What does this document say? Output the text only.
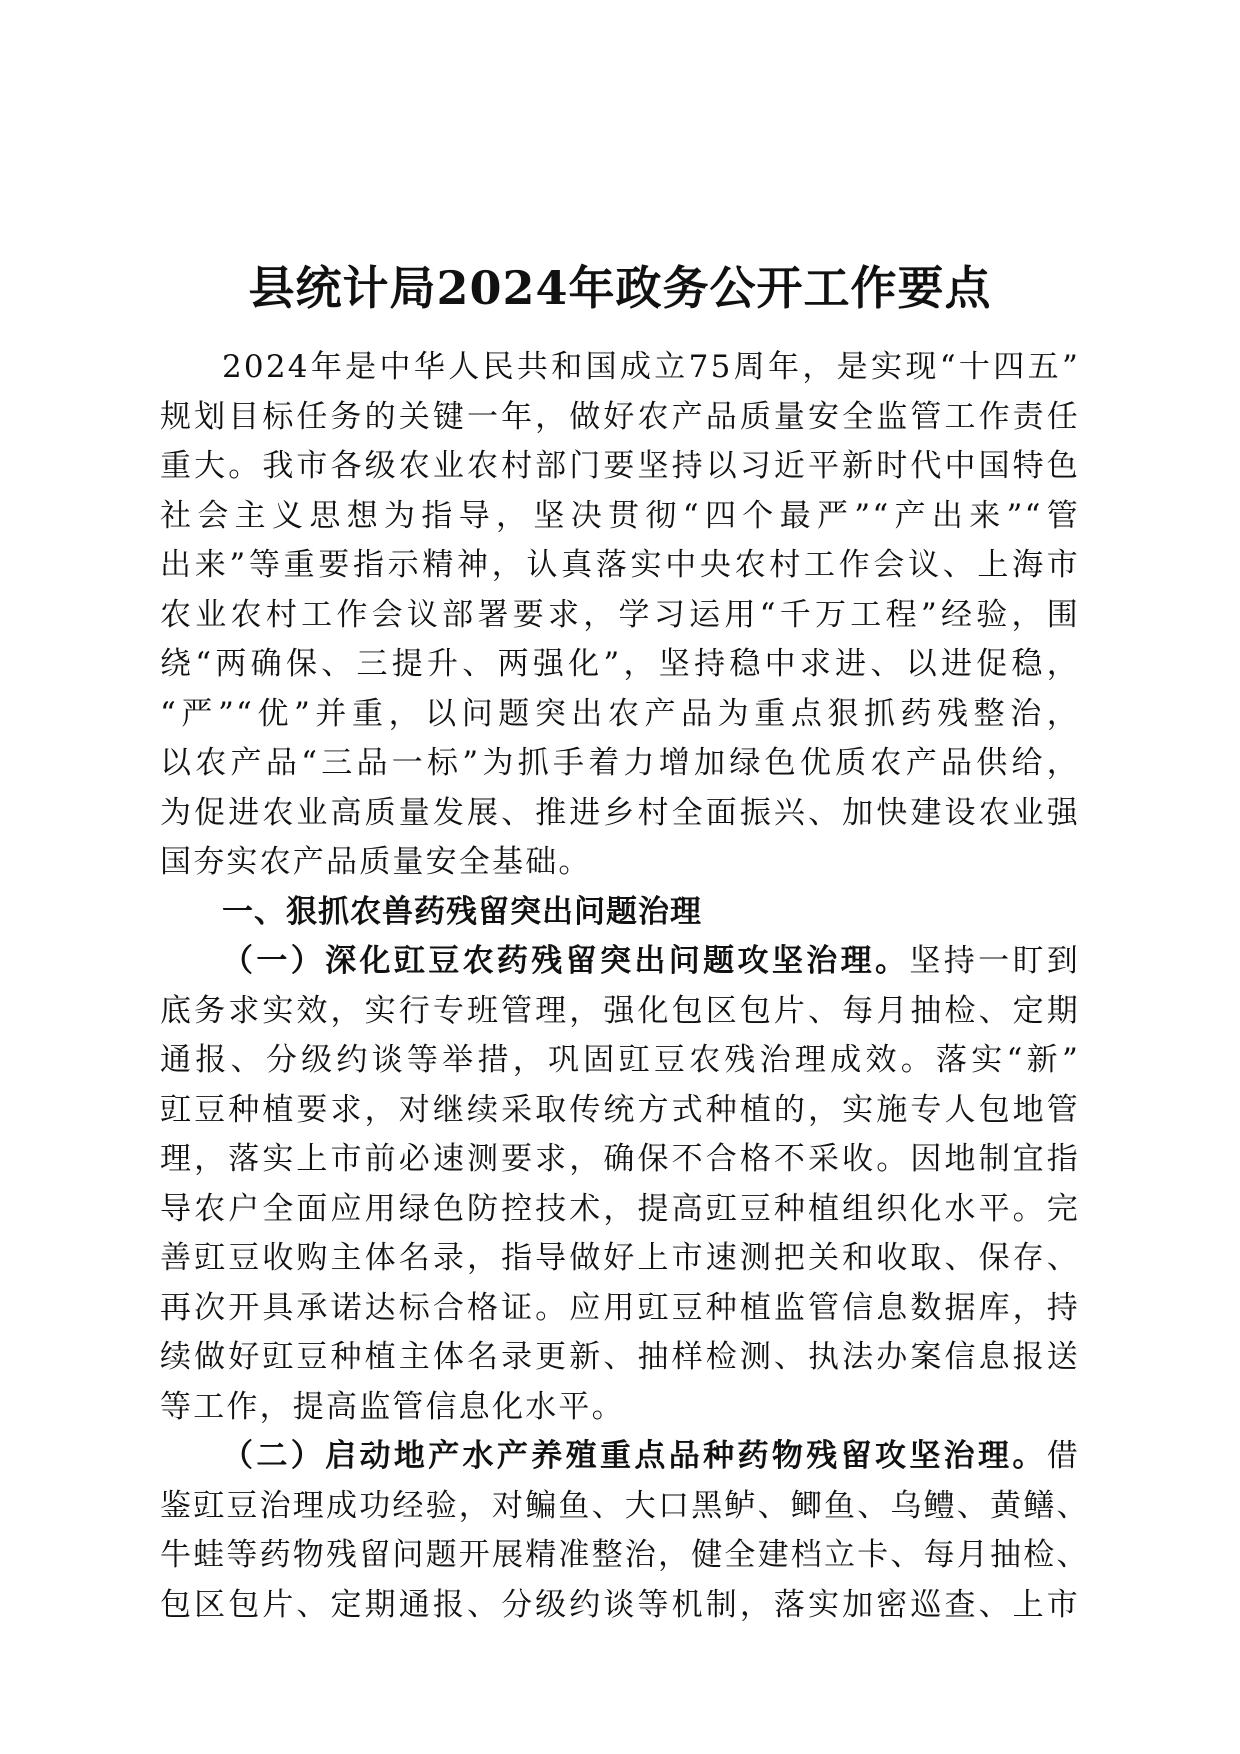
县统计局2024年政务公开工作要点
2024年是中华人民共和国成立75周年，是实现“十四五”
规划目标任务的关键一年，做好农产品质量安全监管工作责任
重大。我市各级农业农村部门要坚持以习近平新时代中国特色
社会主义思想为指导，坚决贯彻“四个最严”“产出来”“管
出来”等重要指示精神，认真落实中央农村工作会议、上海市
农业农村工作会议部署要求，学习运用“千万工程”经验，围
绕“两确保、三提升、两强化”，坚持稳中求进、以进促稳，
“严”“优”并重，以问题突出农产品为重点狠抓药残整治，
以农产品“三品一标”为抓手着力增加绿色优质农产品供给，
为促进农业高质量发展、推进乡村全面振兴、加快建设农业强
国夯实农产品质量安全基础。
一、狠抓农兽药残留突出问题治理
（一）深化豇豆农药残留突出问题攻坚治理。坚持一盯到
底务求实效，实行专班管理，强化包区包片、每月抽检、定期
通报、分级约谈等举措，巩固豇豆农残治理成效。落实“新”
豇豆种植要求，对继续采取传统方式种植的，实施专人包地管
理，落实上市前必速测要求，确保不合格不采收。因地制宜指
导农户全面应用绿色防控技术，提高豇豆种植组织化水平。完
善豇豆收购主体名录，指导做好上市速测把关和收取、保存、
再次开具承诺达标合格证。应用豇豆种植监管信息数据库，持
续做好豇豆种植主体名录更新、抽样检测、执法办案信息报送
等工作，提高监管信息化水平。
（二）启动地产水产养殖重点品种药物残留攻坚治理。借
鉴豇豆治理成功经验，对鳊鱼、大口黑鲈、鲫鱼、乌鳢、黄鳝、
牛蛙等药物残留问题开展精准整治，健全建档立卡、每月抽检、
包区包片、定期通报、分级约谈等机制，落实加密巡查、上市
